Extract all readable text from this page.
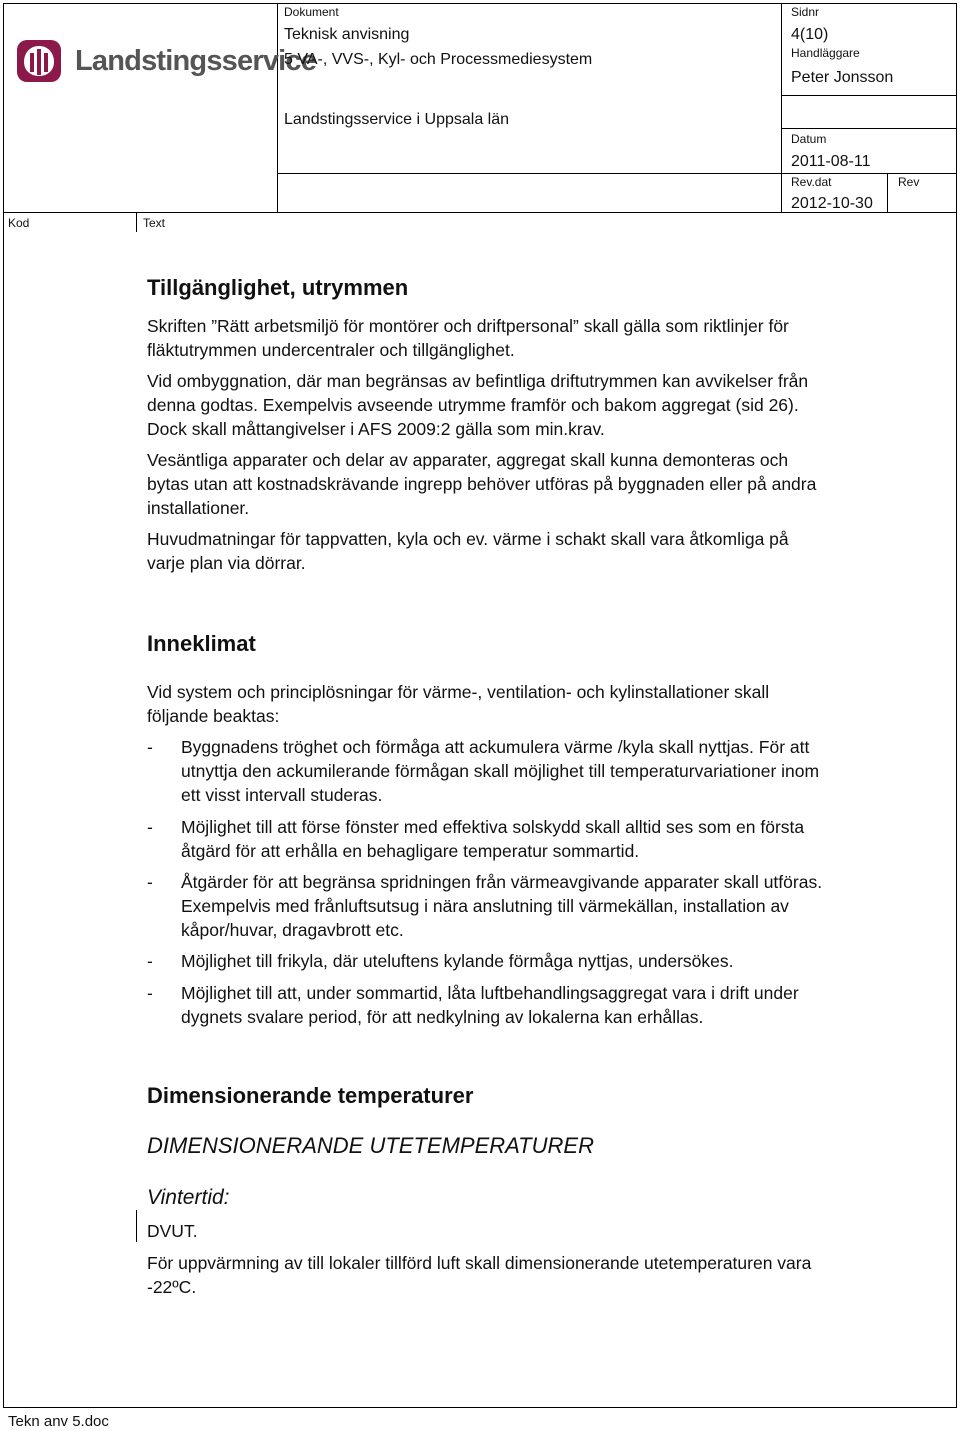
Landstingsservice
Dokument
Teknisk anvisning
5 VA-, VVS-, Kyl- och Processmediesystem
Landstingsservice i Uppsala län
Sidnr
4(10)
Handläggare
Peter Jonsson
Datum
2011-08-11
Rev.dat
2012-10-30
Rev
Kod	Text
Tillgänglighet, utrymmen
Skriften ”Rätt arbetsmiljö för montörer och driftpersonal” skall gälla som riktlinjer för
fläktutrymmen undercentraler och tillgänglighet.
Vid ombyggnation, där man begränsas av befintliga driftutrymmen kan avvikelser från
denna godtas. Exempelvis avseende utrymme framför och bakom aggregat (sid 26).
Dock skall måttangivelser i AFS 2009:2 gälla som min.krav.
Vesäntliga apparater och delar av apparater, aggregat skall kunna demonteras och
bytas utan att kostnadskrävande ingrepp behöver utföras på byggnaden eller på andra
installationer.
Huvudmatningar för tappvatten, kyla och ev. värme i schakt skall vara åtkomliga på
varje plan via dörrar.
Inneklimat
Vid system och principlösningar för värme-, ventilation- och kylinstallationer skall
följande beaktas:
- Byggnadens tröghet och förmåga att ackumulera värme /kyla skall nyttjas. För att
utnyttja den ackumilerande förmågan skall möjlighet till temperaturvariationer inom
ett visst intervall studeras.
- Möjlighet till att förse fönster med effektiva solskydd skall alltid ses som en första
åtgärd för att erhålla en behagligare temperatur sommartid.
- Åtgärder för att begränsa spridningen från värmeavgivande apparater skall utföras.
Exempelvis med frånluftsutsug i nära anslutning till värmekällan, installation av
kåpor/huvar, dragavbrott etc.
- Möjlighet till frikyla, där uteluftens kylande förmåga nyttjas, undersökes.
- Möjlighet till att, under sommartid, låta luftbehandlingsaggregat vara i drift under
dygnets svalare period, för att nedkylning av lokalerna kan erhållas.
Dimensionerande temperaturer
DIMENSIONERANDE UTETEMPERATURER
Vintertid:
DVUT.
För uppvärmning av till lokaler tillförd luft skall dimensionerande utetemperaturen vara
-22ºC.
Tekn anv 5.doc
